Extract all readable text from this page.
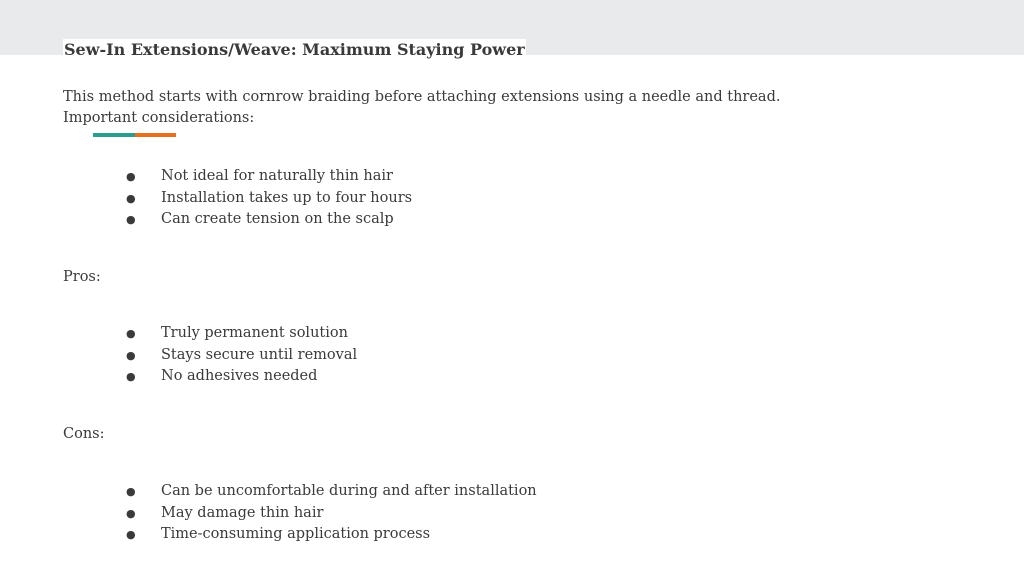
Sew-In Extensions/Weave: Maximum Staying Power
This method starts with cornrow braiding before attaching extensions using a needle and thread. Important considerations:
●	Not ideal for naturally thin hair
●	Installation takes up to four hours
●	Can create tension on the scalp
Pros:
●	Truly permanent solution
●	Stays secure until removal
●	No adhesives needed
Cons:
●	Can be uncomfortable during and after installation
●	May damage thin hair
●	Time-consuming application process
